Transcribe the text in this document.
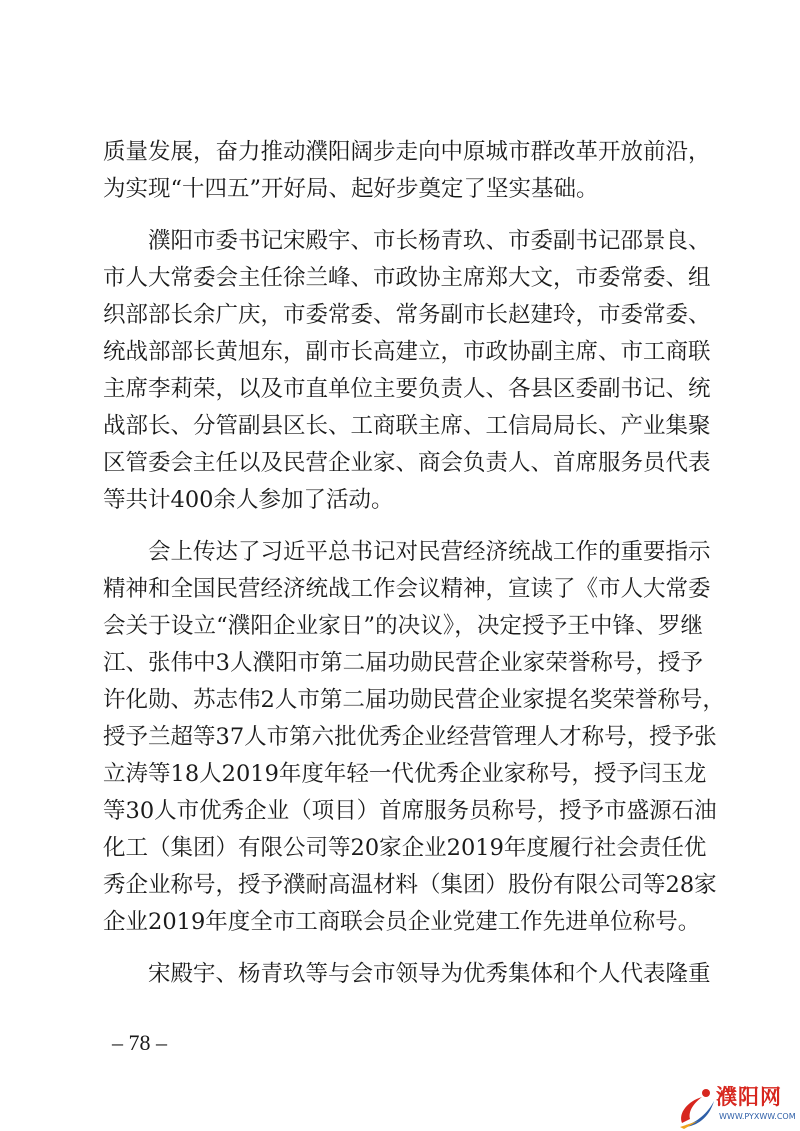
质量发展，奋力推动濮阳阔步走向中原城市群改革开放前沿，
为实现“十四五”开好局、起好步奠定了坚实基础。
　　濮阳市委书记宋殿宇、市长杨青玖、市委副书记邵景良、
市人大常委会主任徐兰峰、市政协主席郑大文，市委常委、组
织部部长余广庆，市委常委、常务副市长赵建玲，市委常委、
统战部部长黄旭东，副市长高建立，市政协副主席、市工商联
主席李莉荣，以及市直单位主要负责人、各县区委副书记、统
战部长、分管副县区长、工商联主席、工信局局长、产业集聚
区管委会主任以及民营企业家、商会负责人、首席服务员代表
等共计400余人参加了活动。
　　会上传达了习近平总书记对民营经济统战工作的重要指示
精神和全国民营经济统战工作会议精神，宣读了《市人大常委
会关于设立“濮阳企业家日”的决议》，决定授予王中锋、罗继
江、张伟中3人濮阳市第二届功勋民营企业家荣誉称号，授予
许化勋、苏志伟2人市第二届功勋民营企业家提名奖荣誉称号，
授予兰超等37人市第六批优秀企业经营管理人才称号，授予张
立涛等18人2019年度年轻一代优秀企业家称号，授予闫玉龙
等30人市优秀企业（项目）首席服务员称号，授予市盛源石油
化工（集团）有限公司等20家企业2019年度履行社会责任优
秀企业称号，授予濮耐高温材料（集团）股份有限公司等28家
企业2019年度全市工商联会员企业党建工作先进单位称号。
　　宋殿宇、杨青玖等与会市领导为优秀集体和个人代表隆重
– 78 –
濮阳网
WWW.PYXWW.COM
